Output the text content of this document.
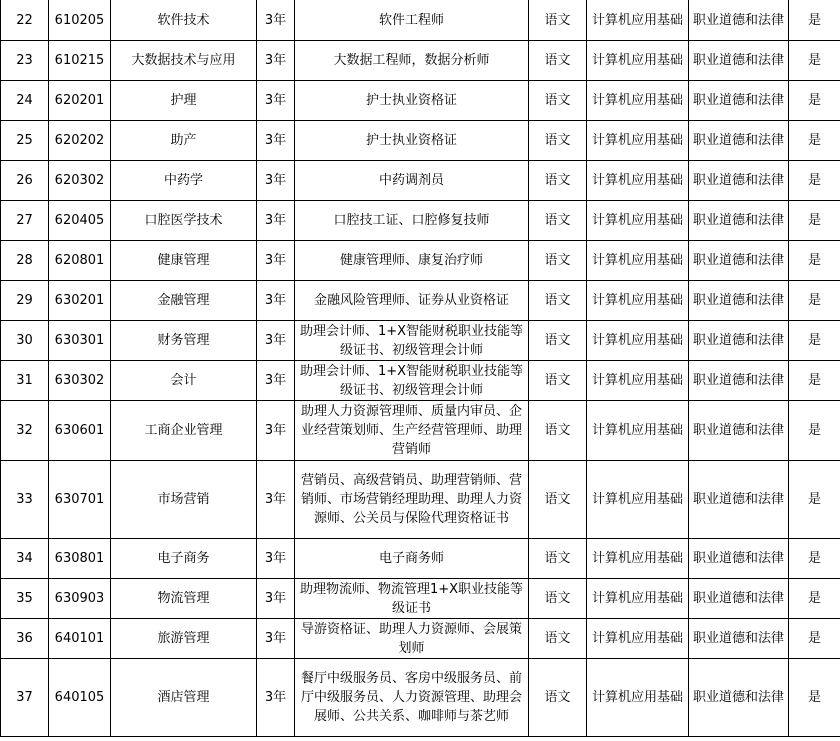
22	610205	软件技术	3年	软件工程师	语文	计算机应用基础	职业道德和法律	是
23	610215	大数据技术与应用	3年	大数据工程师，数据分析师	语文	计算机应用基础	职业道德和法律	是
24	620201	护理	3年	护士执业资格证	语文	计算机应用基础	职业道德和法律	是
25	620202	助产	3年	护士执业资格证	语文	计算机应用基础	职业道德和法律	是
26	620302	中药学	3年	中药调剂员	语文	计算机应用基础	职业道德和法律	是
27	620405	口腔医学技术	3年	口腔技工证、口腔修复技师	语文	计算机应用基础	职业道德和法律	是
28	620801	健康管理	3年	健康管理师、康复治疗师	语文	计算机应用基础	职业道德和法律	是
29	630201	金融管理	3年	金融风险管理师、证券从业资格证	语文	计算机应用基础	职业道德和法律	是
30	630301	财务管理	3年	助理会计师、1+X智能财税职业技能等级证书、初级管理会计师	语文	计算机应用基础	职业道德和法律	是
31	630302	会计	3年	助理会计师、1+X智能财税职业技能等级证书、初级管理会计师	语文	计算机应用基础	职业道德和法律	是
32	630601	工商企业管理	3年	助理人力资源管理师、质量内审员、企业经营策划师、生产经营管理师、助理营销师	语文	计算机应用基础	职业道德和法律	是
33	630701	市场营销	3年	营销员、高级营销员、助理营销师、营销师、市场营销经理助理、助理人力资源师、公关员与保险代理资格证书	语文	计算机应用基础	职业道德和法律	是
34	630801	电子商务	3年	电子商务师	语文	计算机应用基础	职业道德和法律	是
35	630903	物流管理	3年	助理物流师、物流管理1+X职业技能等级证书	语文	计算机应用基础	职业道德和法律	是
36	640101	旅游管理	3年	导游资格证、助理人力资源师、会展策划师	语文	计算机应用基础	职业道德和法律	是
37	640105	酒店管理	3年	餐厅中级服务员、客房中级服务员、前厅中级服务员、人力资源管理、助理会展师、公共关系、咖啡师与茶艺师	语文	计算机应用基础	职业道德和法律	是
